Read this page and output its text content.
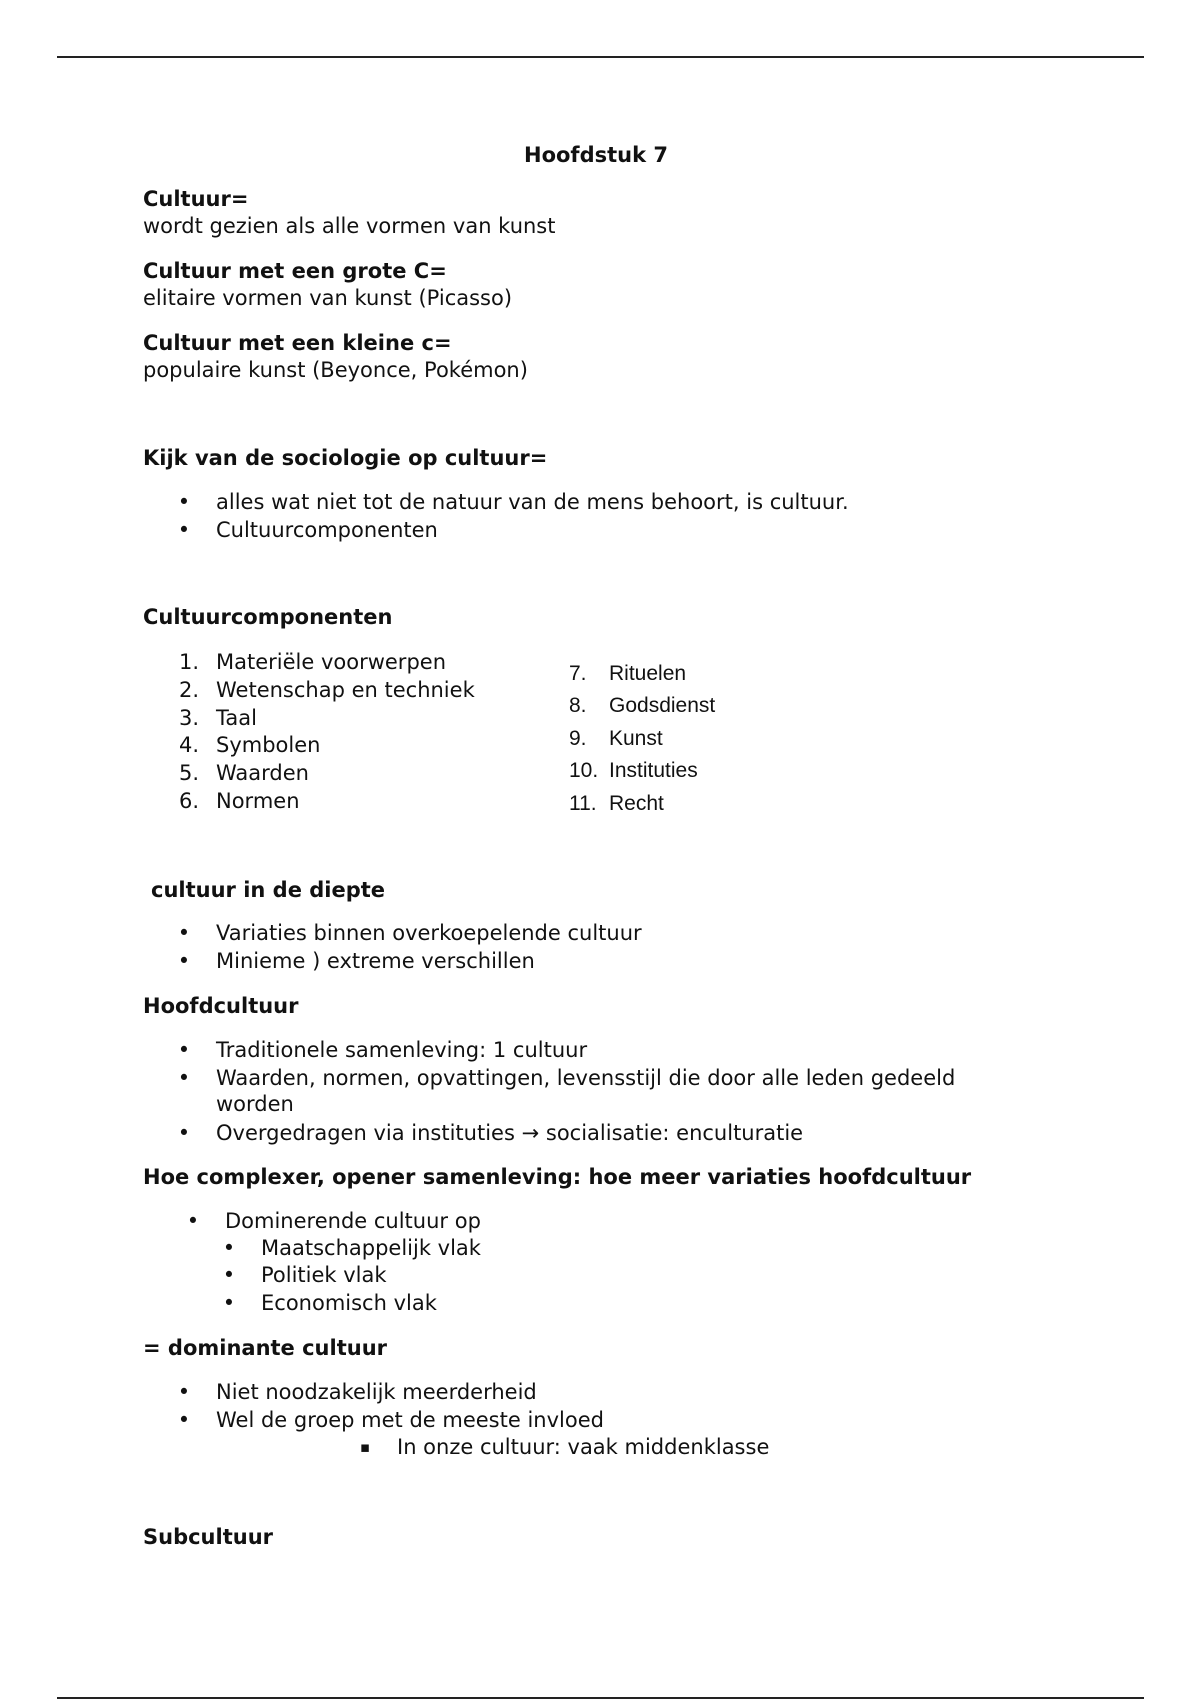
Hoofdstuk 7
Cultuur=
wordt gezien als alle vormen van kunst
Cultuur met een grote C=
elitaire vormen van kunst (Picasso)
Cultuur met een kleine c=
populaire kunst (Beyonce, Pokémon)
Kijk van de sociologie op cultuur=
• alles wat niet tot de natuur van de mens behoort, is cultuur.
• Cultuurcomponenten
Cultuurcomponenten
1. Materiële voorwerpen
2. Wetenschap en techniek
3. Taal
4. Symbolen
5. Waarden
6. Normen
7. Rituelen
8. Godsdienst
9. Kunst
10. Instituties
11. Recht
cultuur in de diepte
• Variaties binnen overkoepelende cultuur
• Minieme ) extreme verschillen
Hoofdcultuur
• Traditionele samenleving: 1 cultuur
• Waarden, normen, opvattingen, levensstijl die door alle leden gedeeld
worden
• Overgedragen via instituties → socialisatie: enculturatie
Hoe complexer, opener samenleving: hoe meer variaties hoofdcultuur
• Dominerende cultuur op
• Maatschappelijk vlak
• Politiek vlak
• Economisch vlak
= dominante cultuur
• Niet noodzakelijk meerderheid
• Wel de groep met de meeste invloed
▪ In onze cultuur: vaak middenklasse
Subcultuur
